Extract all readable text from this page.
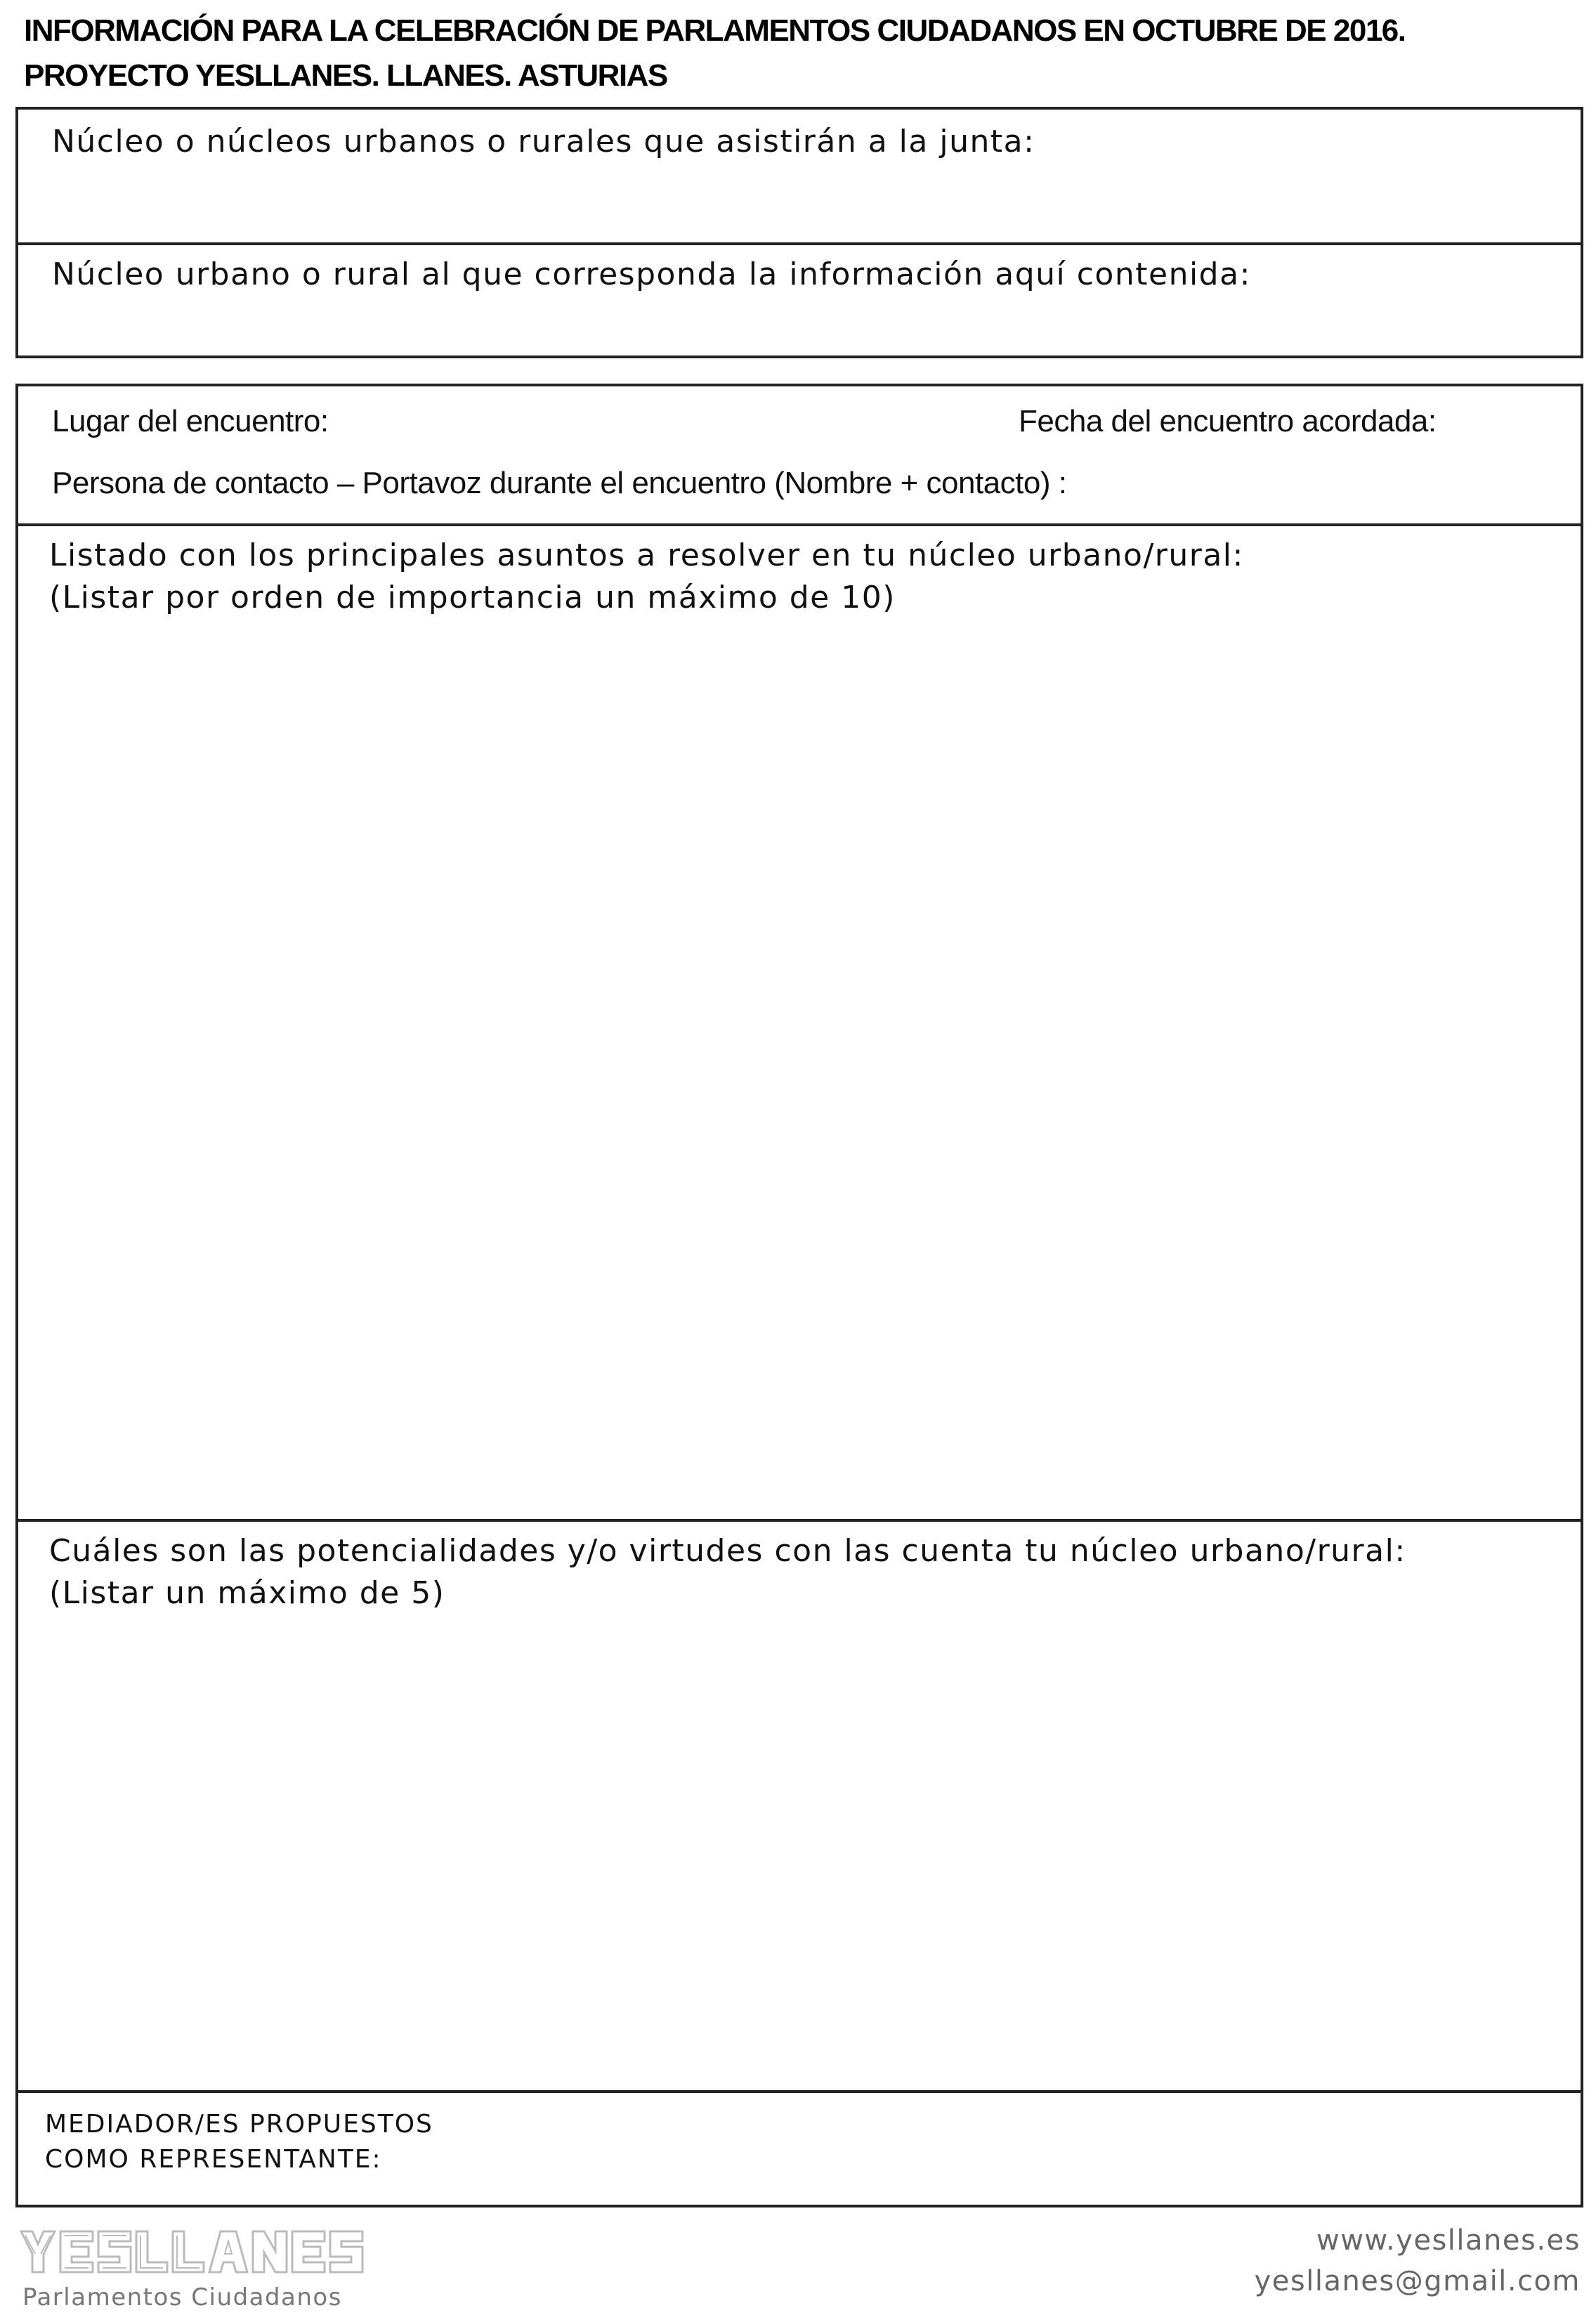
INFORMACIÓN PARA LA CELEBRACIÓN DE PARLAMENTOS CIUDADANOS EN OCTUBRE DE 2016.
PROYECTO YESLLANES. LLANES. ASTURIAS
Núcleo o núcleos urbanos o rurales que asistirán a la junta:
Núcleo urbano o rural al que corresponda la información aquí contenida:
Lugar del encuentro:	Fecha del encuentro acordada:
Persona de contacto – Portavoz durante el encuentro (Nombre + contacto) :
Listado con los principales asuntos a resolver en tu núcleo urbano/rural:
(Listar por orden de importancia un máximo de 10)
Cuáles son las potencialidades y/o virtudes con las cuenta tu núcleo urbano/rural:
(Listar un máximo de 5)
MEDIADOR/ES PROPUESTOS
COMO REPRESENTANTE:
Parlamentos Ciudadanos
www.yesllanes.es
yesllanes@gmail.com
